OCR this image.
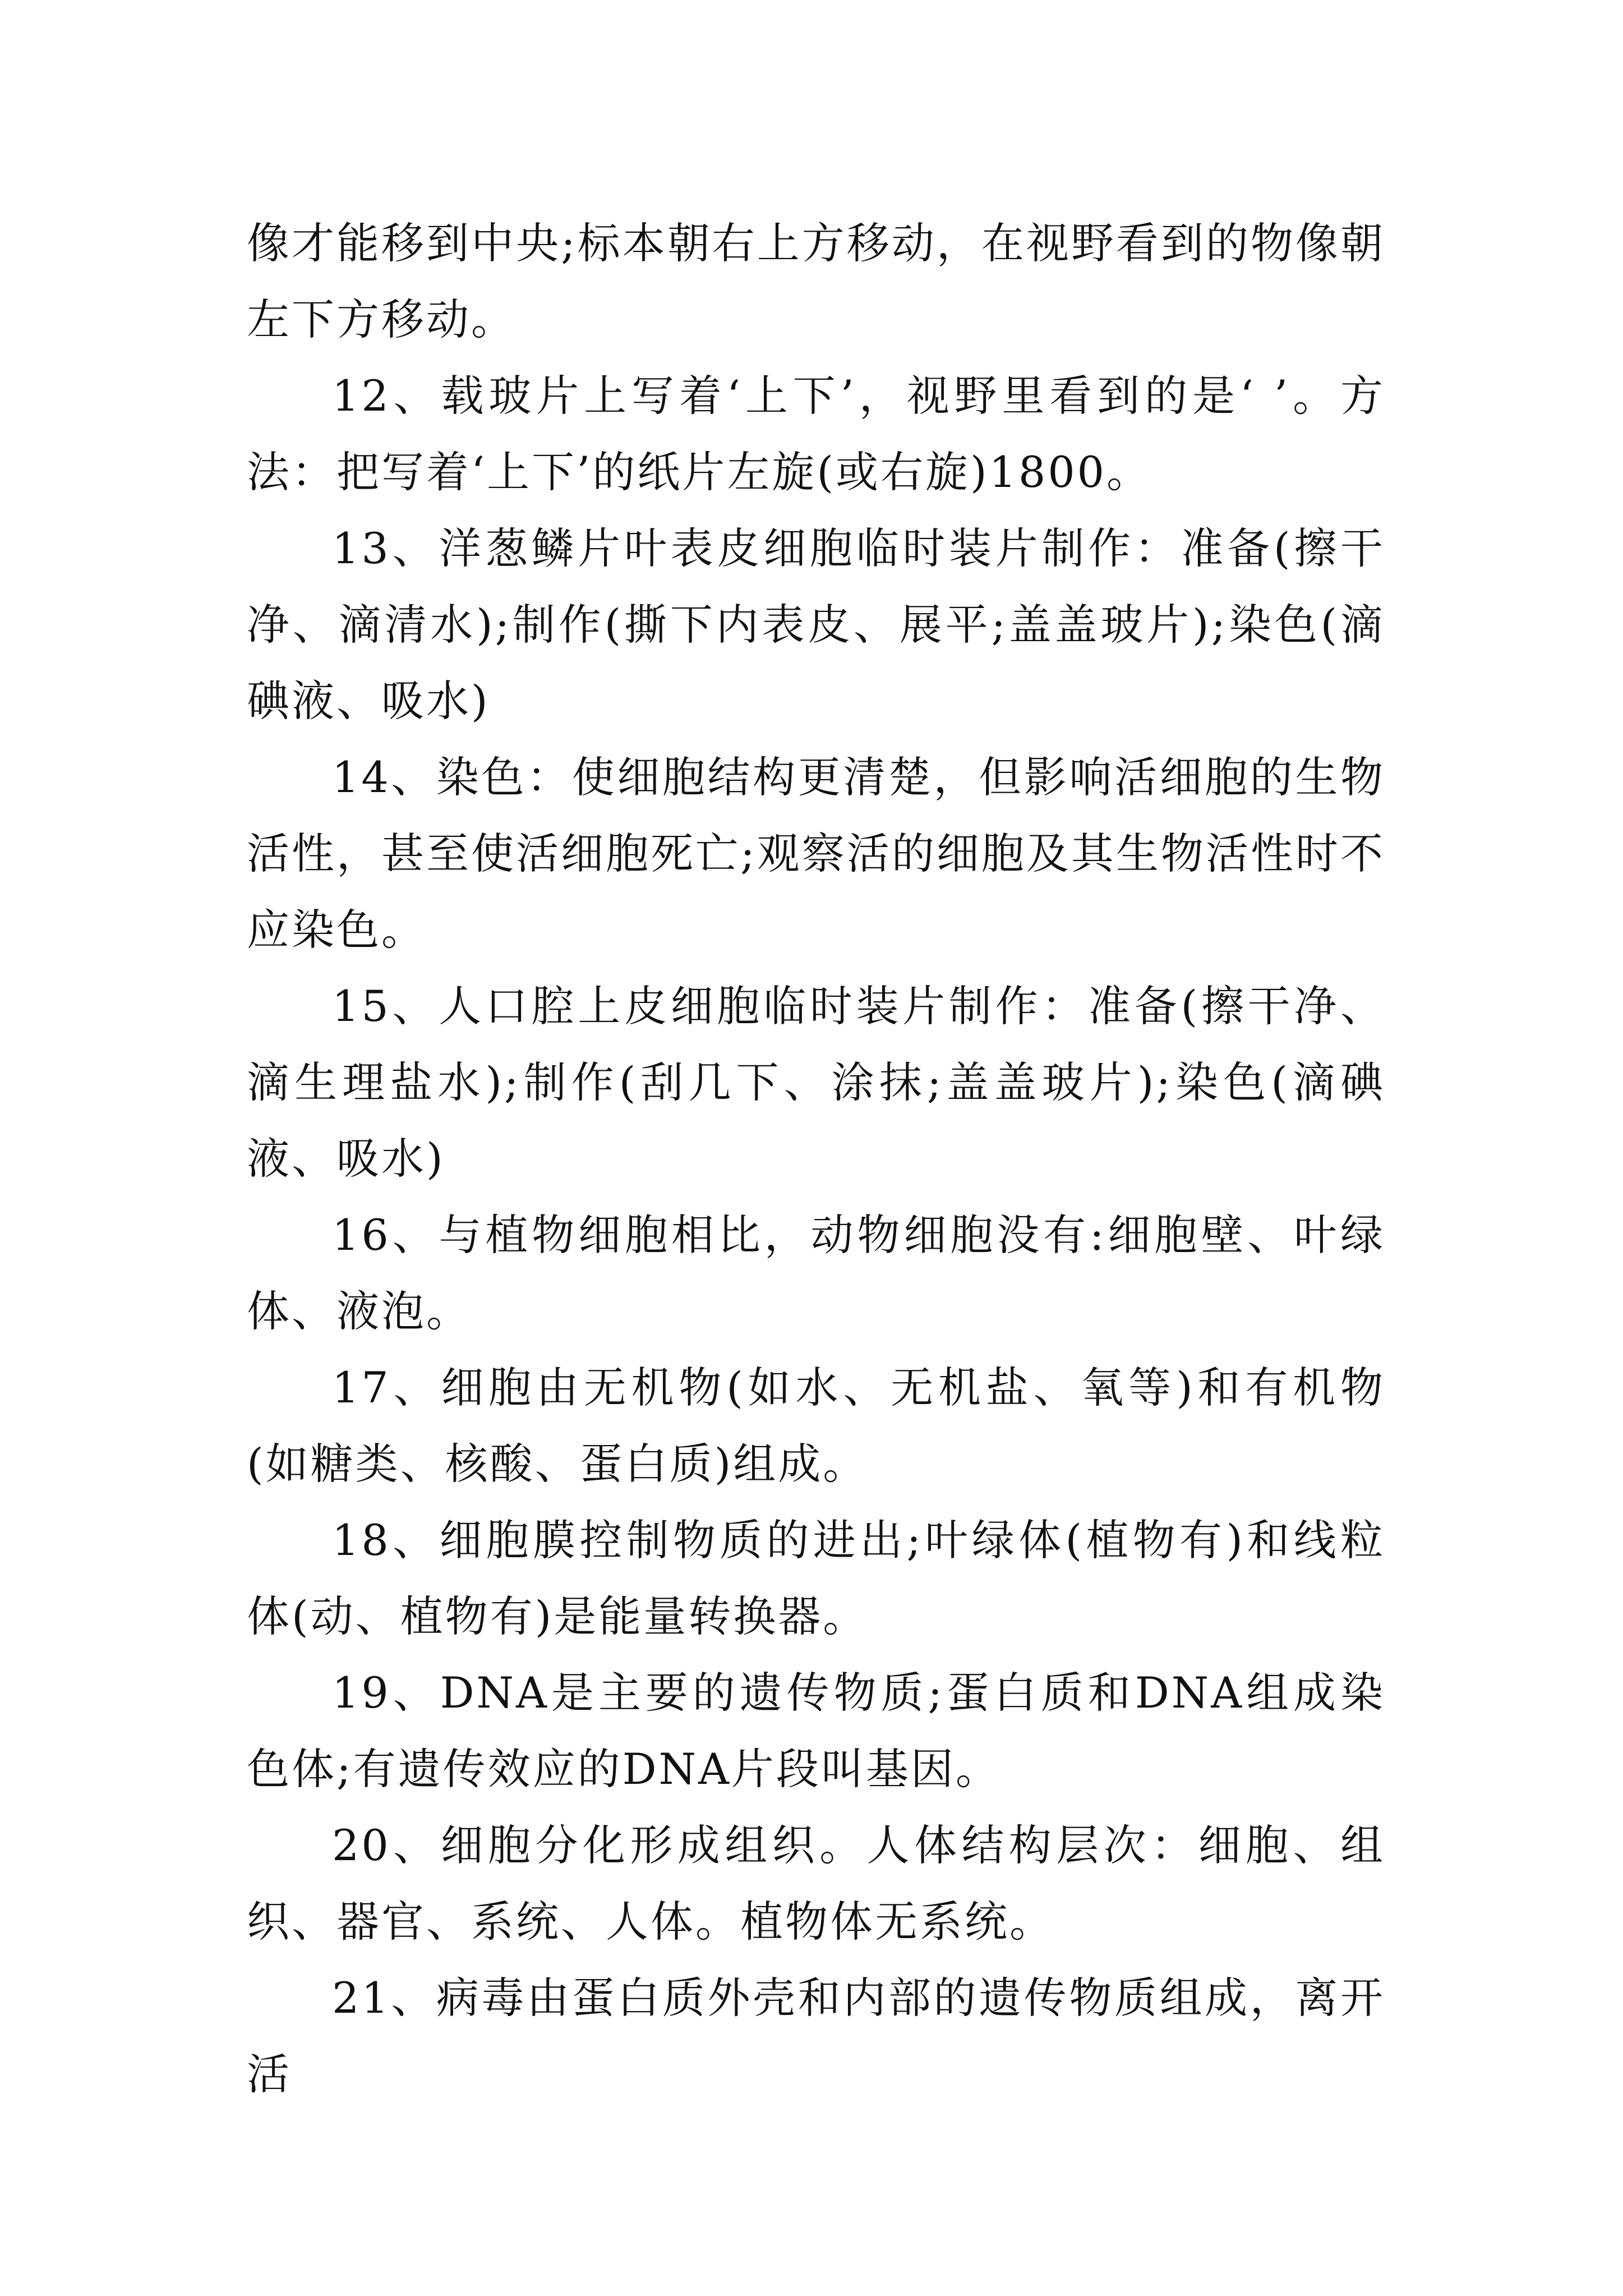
像才能移到中央;标本朝右上方移动，在视野看到的物像朝左下方移动。

12、载玻片上写着‘上下’，视野里看到的是‘ ’。方法：把写着‘上下’的纸片左旋(或右旋)1800。

13、洋葱鳞片叶表皮细胞临时装片制作：准备(擦干净、滴清水);制作(撕下内表皮、展平;盖盖玻片);染色(滴碘液、吸水)

14、染色：使细胞结构更清楚，但影响活细胞的生物活性，甚至使活细胞死亡;观察活的细胞及其生物活性时不应染色。

15、人口腔上皮细胞临时装片制作：准备(擦干净、滴生理盐水);制作(刮几下、涂抹;盖盖玻片);染色(滴碘液、吸水)

16、与植物细胞相比，动物细胞没有:细胞壁、叶绿体、液泡。

17、细胞由无机物(如水、无机盐、氧等)和有机物(如糖类、核酸、蛋白质)组成。

18、细胞膜控制物质的进出;叶绿体(植物有)和线粒体(动、植物有)是能量转换器。

19、DNA是主要的遗传物质;蛋白质和DNA组成染色体;有遗传效应的DNA片段叫基因。

20、细胞分化形成组织。人体结构层次：细胞、组织、器官、系统、人体。植物体无系统。

21、病毒由蛋白质外壳和内部的遗传物质组成，离开活
